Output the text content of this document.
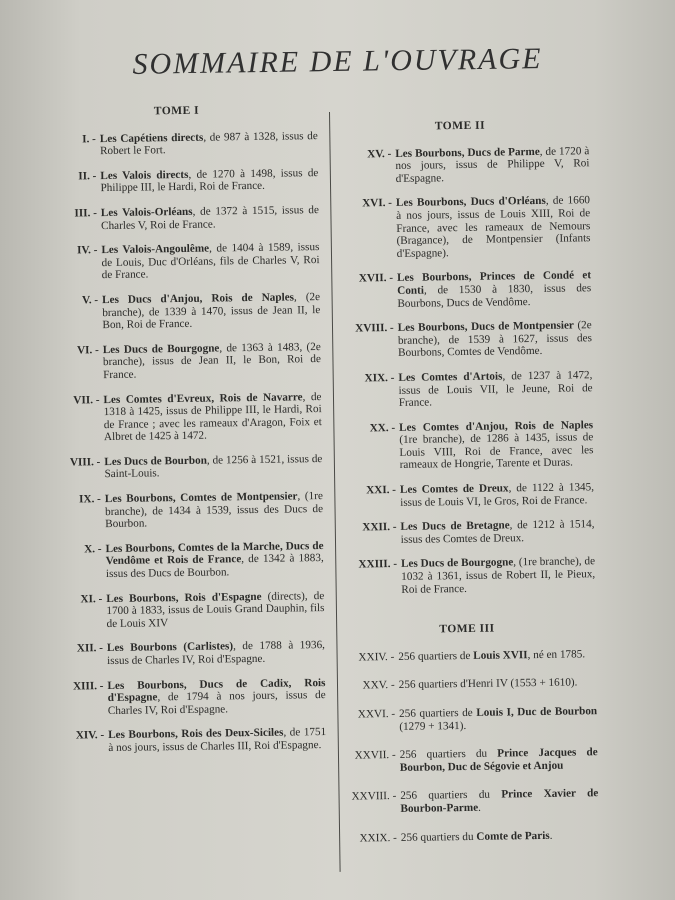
SOMMAIRE DE L'OUVRAGE
TOME I
I. - Les Capétiens directs, de 987 à 1328, issus de Robert le Fort.
II. - Les Valois directs, de 1270 à 1498, issus de Philippe III, le Hardi, Roi de France.
III. - Les Valois-Orléans, de 1372 à 1515, issus de Charles V, Roi de France.
IV. - Les Valois-Angoulême, de 1404 à 1589, issus de Louis, Duc d'Orléans, fils de Charles V, Roi de France.
V. - Les Ducs d'Anjou, Rois de Naples, (2e branche), de 1339 à 1470, issus de Jean II, le Bon, Roi de France.
VI. - Les Ducs de Bourgogne, de 1363 à 1483, (2e branche), issus de Jean II, le Bon, Roi de France.
VII. - Les Comtes d'Evreux, Rois de Navarre, de 1318 à 1425, issus de Philippe III, le Hardi, Roi de France ; avec les rameaux d'Aragon, Foix et Albret de 1425 à 1472.
VIII. - Les Ducs de Bourbon, de 1256 à 1521, issus de Saint-Louis.
IX. - Les Bourbons, Comtes de Montpensier, (1re branche), de 1434 à 1539, issus des Ducs de Bourbon.
X. - Les Bourbons, Comtes de la Marche, Ducs de Vendôme et Rois de France, de 1342 à 1883, issus des Ducs de Bourbon.
XI. - Les Bourbons, Rois d'Espagne (directs), de 1700 à 1833, issus de Louis Grand Dauphin, fils de Louis XIV
XII. - Les Bourbons (Carlistes), de 1788 à 1936, issus de Charles IV, Roi d'Espagne.
XIII. - Les Bourbons, Ducs de Cadix, Rois d'Espagne, de 1794 à nos jours, issus de Charles IV, Roi d'Espagne.
XIV. - Les Bourbons, Rois des Deux-Siciles, de 1751 à nos jours, issus de Charles III, Roi d'Espagne.
TOME II
XV. - Les Bourbons, Ducs de Parme, de 1720 à nos jours, issus de Philippe V, Roi d'Espagne.
XVI. - Les Bourbons, Ducs d'Orléans, de 1660 à nos jours, issus de Louis XIII, Roi de France, avec les rameaux de Nemours (Bragance), de Montpensier (Infants d'Espagne).
XVII. - Les Bourbons, Princes de Condé et Conti, de 1530 à 1830, issus des Bourbons, Ducs de Vendôme.
XVIII. - Les Bourbons, Ducs de Montpensier (2e branche), de 1539 à 1627, issus des Bourbons, Comtes de Vendôme.
XIX. - Les Comtes d'Artois, de 1237 à 1472, issus de Louis VII, le Jeune, Roi de France.
XX. - Les Comtes d'Anjou, Rois de Naples (1re branche), de 1286 à 1435, issus de Louis VIII, Roi de France, avec les rameaux de Hongrie, Tarente et Duras.
XXI. - Les Comtes de Dreux, de 1122 à 1345, issus de Louis VI, le Gros, Roi de France.
XXII. - Les Ducs de Bretagne, de 1212 à 1514, issus des Comtes de Dreux.
XXIII. - Les Ducs de Bourgogne, (1re branche), de 1032 à 1361, issus de Robert II, le Pieux, Roi de France.
TOME III
XXIV. - 256 quartiers de Louis XVII, né en 1785.
XXV. - 256 quartiers d'Henri IV (1553 + 1610).
XXVI. - 256 quartiers de Louis I, Duc de Bourbon (1279 + 1341).
XXVII. - 256 quartiers du Prince Jacques de Bourbon, Duc de Ségovie et Anjou
XXVIII. - 256 quartiers du Prince Xavier de Bourbon-Parme.
XXIX. - 256 quartiers du Comte de Paris.
